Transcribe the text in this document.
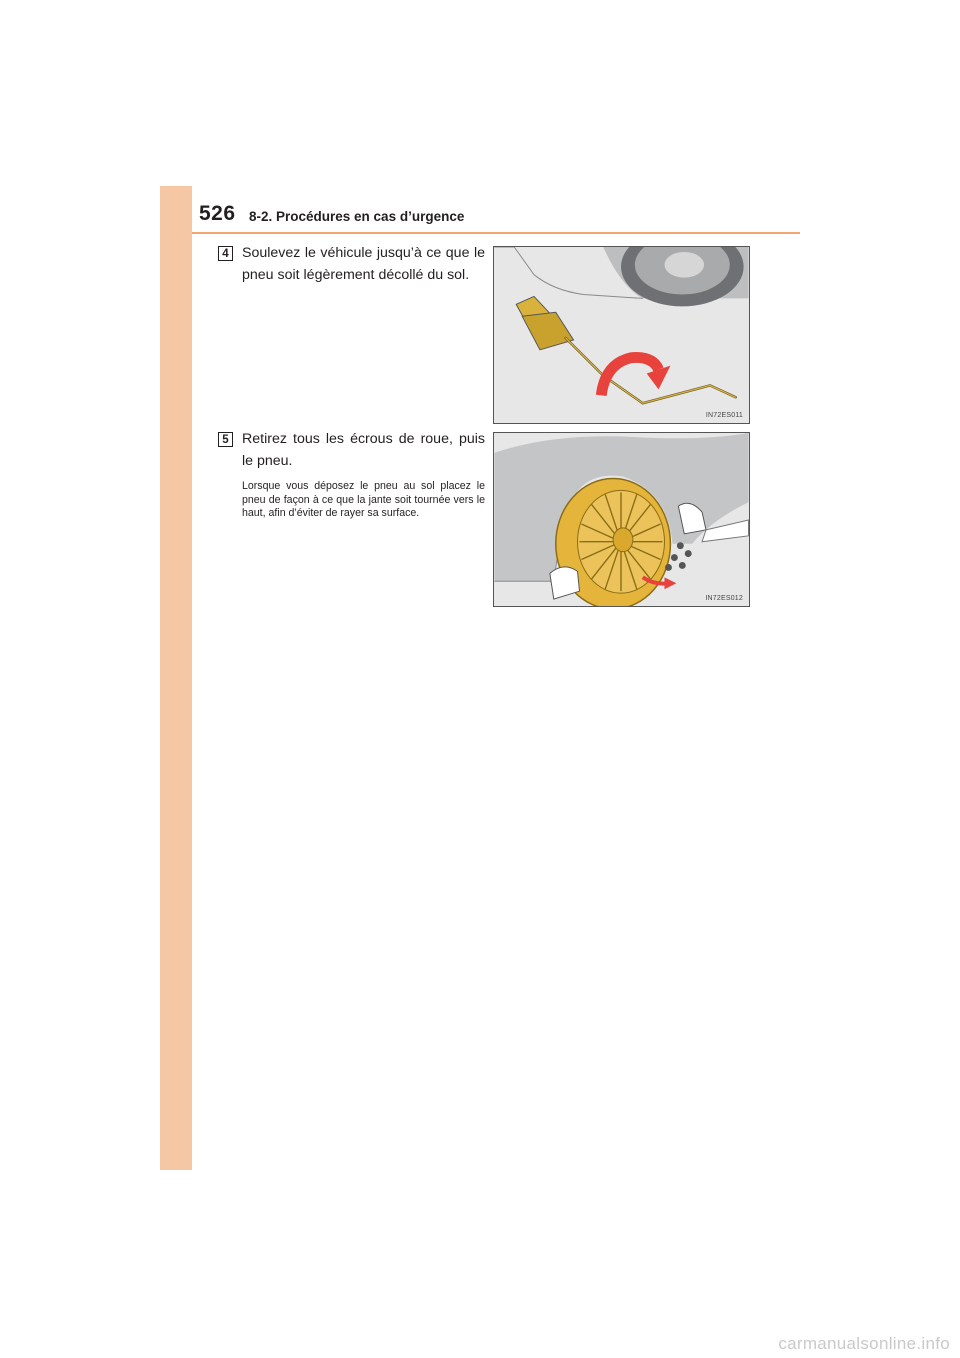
526 8-2. Procédures en cas d’urgence
4 Soulevez le véhicule jusqu’à ce que le pneu soit légèrement décollé du sol.
IN72ES011
5 Retirez tous les écrous de roue, puis le pneu.
Lorsque vous déposez le pneu au sol placez le pneu de façon à ce que la jante soit tournée vers le haut, afin d’éviter de rayer sa surface.
IN72ES012
carmanualsonline.info
